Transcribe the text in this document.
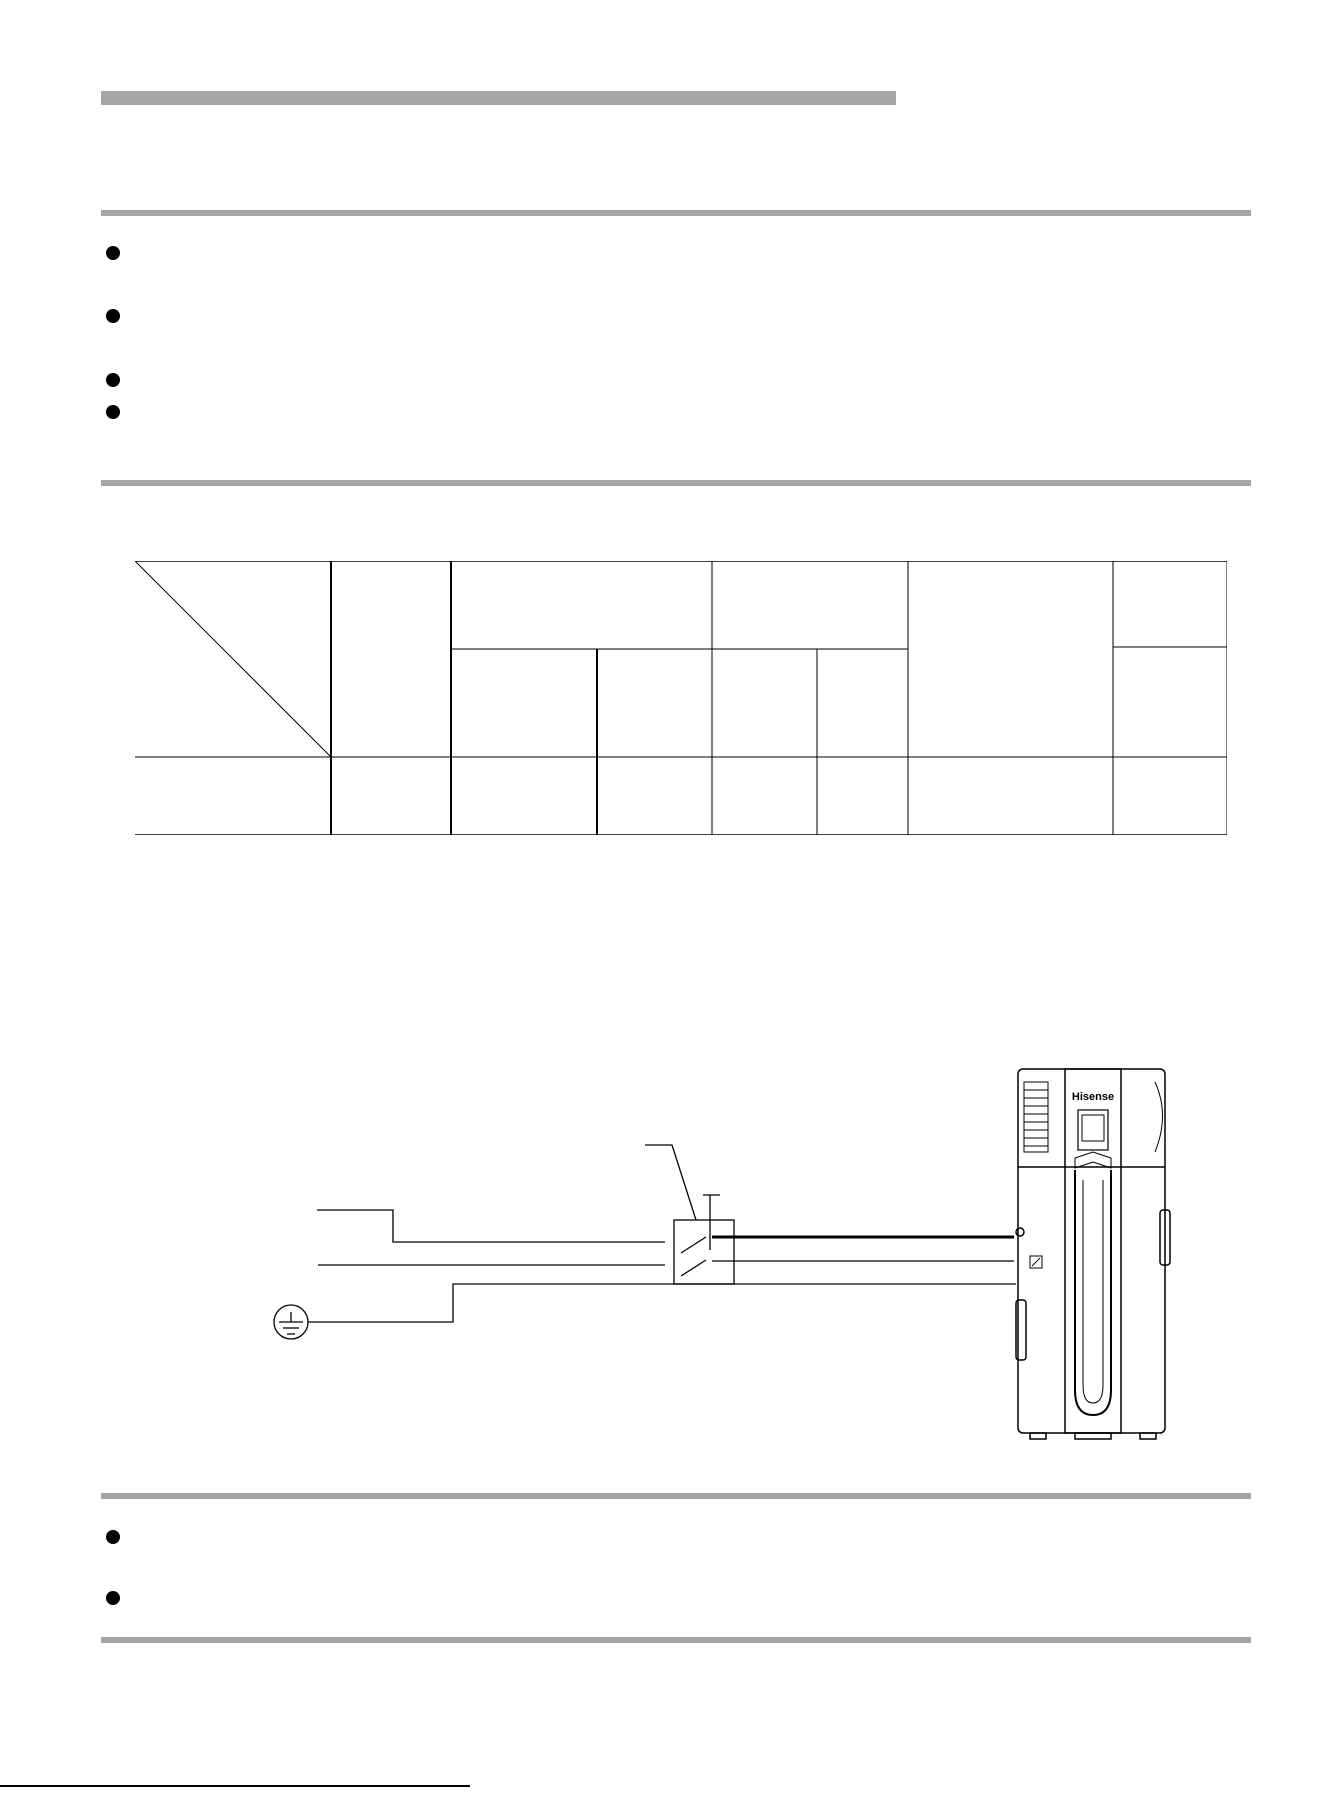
Hisense
